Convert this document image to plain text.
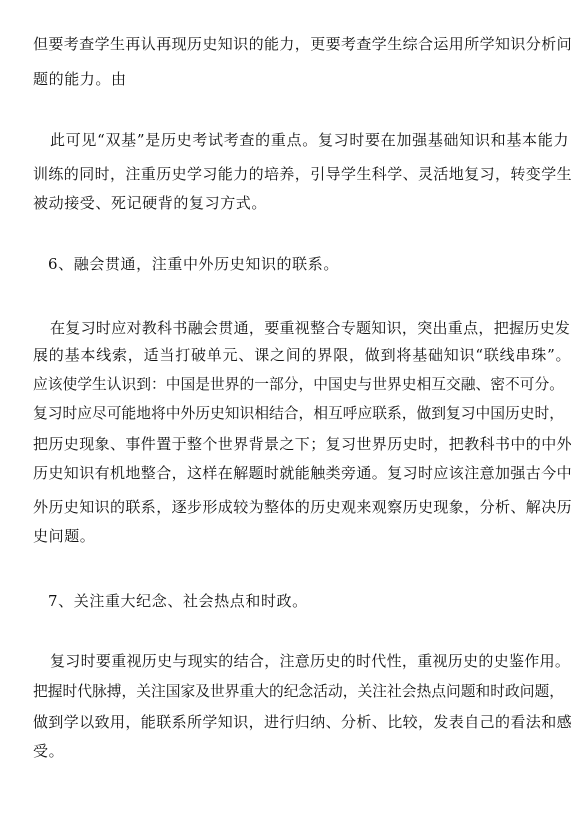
但要考查学生再认再现历史知识的能力，更要考查学生综合运用所学知识分析问
题的能力。由
此可见“双基”是历史考试考查的重点。复习时要在加强基础知识和基本能力
训练的同时，注重历史学习能力的培养，引导学生科学、灵活地复习，转变学生
被动接受、死记硬背的复习方式。
6、融会贯通，注重中外历史知识的联系。
在复习时应对教科书融会贯通，要重视整合专题知识，突出重点，把握历史发
展的基本线索，适当打破单元、课之间的界限，做到将基础知识“联线串珠”。
应该使学生认识到：中国是世界的一部分，中国史与世界史相互交融、密不可分。
复习时应尽可能地将中外历史知识相结合，相互呼应联系，做到复习中国历史时，
把历史现象、事件置于整个世界背景之下；复习世界历史时，把教科书中的中外
历史知识有机地整合，这样在解题时就能触类旁通。复习时应该注意加强古今中
外历史知识的联系，逐步形成较为整体的历史观来观察历史现象，分析、解决历
史问题。
7、关注重大纪念、社会热点和时政。
复习时要重视历史与现实的结合，注意历史的时代性，重视历史的史鉴作用。
把握时代脉搏，关注国家及世界重大的纪念活动，关注社会热点问题和时政问题，
做到学以致用，能联系所学知识，进行归纳、分析、比较，发表自己的看法和感
受。
